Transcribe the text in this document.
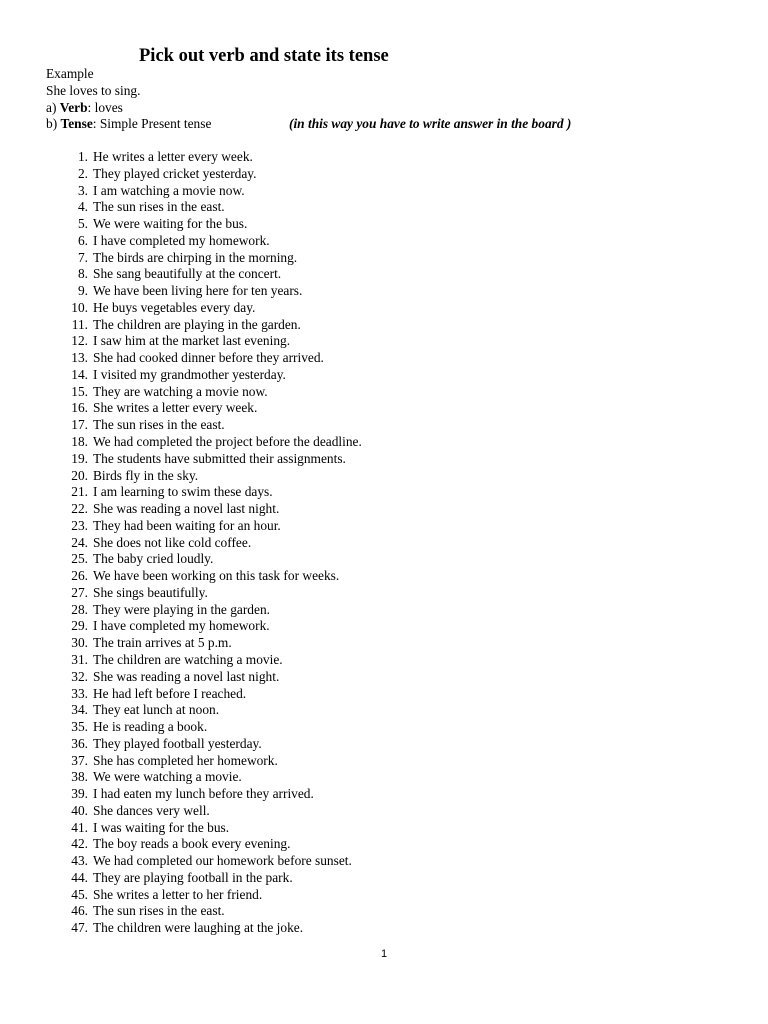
Pick out verb and state its tense
Example
She loves to sing.
a) Verb: loves
b) Tense: Simple Present tense	(in this way you have to write answer in the board )
1. He writes a letter every week.
2. They played cricket yesterday.
3. I am watching a movie now.
4. The sun rises in the east.
5. We were waiting for the bus.
6. I have completed my homework.
7. The birds are chirping in the morning.
8. She sang beautifully at the concert.
9. We have been living here for ten years.
10. He buys vegetables every day.
11. The children are playing in the garden.
12. I saw him at the market last evening.
13. She had cooked dinner before they arrived.
14. I visited my grandmother yesterday.
15. They are watching a movie now.
16. She writes a letter every week.
17. The sun rises in the east.
18. We had completed the project before the deadline.
19. The students have submitted their assignments.
20. Birds fly in the sky.
21. I am learning to swim these days.
22. She was reading a novel last night.
23. They had been waiting for an hour.
24. She does not like cold coffee.
25. The baby cried loudly.
26. We have been working on this task for weeks.
27. She sings beautifully.
28. They were playing in the garden.
29. I have completed my homework.
30. The train arrives at 5 p.m.
31. The children are watching a movie.
32. She was reading a novel last night.
33. He had left before I reached.
34. They eat lunch at noon.
35. He is reading a book.
36. They played football yesterday.
37. She has completed her homework.
38. We were watching a movie.
39. I had eaten my lunch before they arrived.
40. She dances very well.
41. I was waiting for the bus.
42. The boy reads a book every evening.
43. We had completed our homework before sunset.
44. They are playing football in the park.
45. She writes a letter to her friend.
46. The sun rises in the east.
47. The children were laughing at the joke.
1
